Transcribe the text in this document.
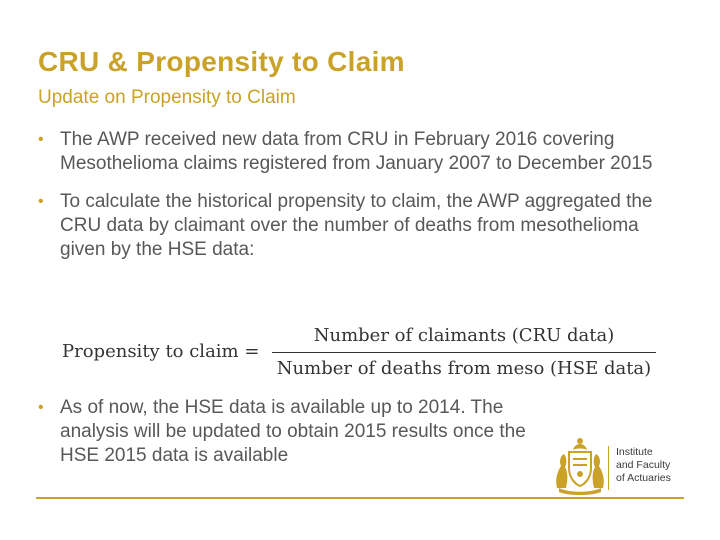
CRU & Propensity to Claim
Update on Propensity to Claim
• The AWP received new data from CRU in February 2016 covering Mesothelioma claims registered from January 2007 to December 2015
• To calculate the historical propensity to claim, the AWP aggregated the CRU data by claimant over the number of deaths from mesothelioma given by the HSE data:
Propensity to claim =
Number of claimants (CRU data)
Number of deaths from meso (HSE data)
• As of now, the HSE data is available up to 2014. The analysis will be updated to obtain 2015 results once the HSE 2015 data is available	Institute
and Faculty
of Actuaries
